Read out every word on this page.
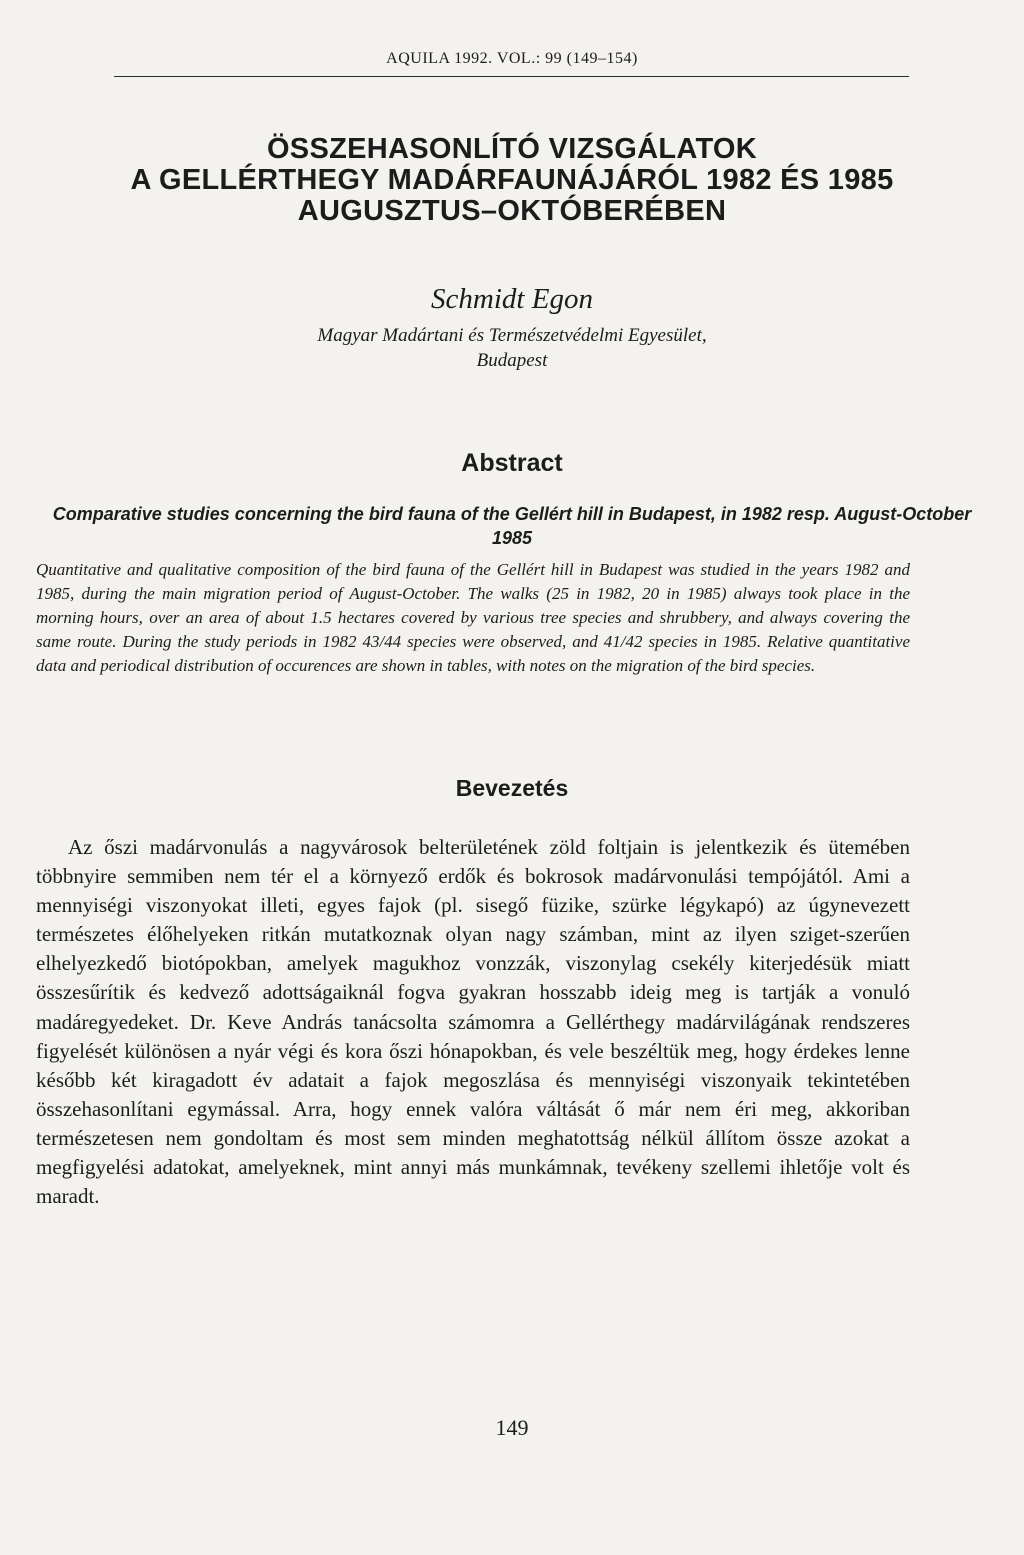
AQUILA 1992. VOL.: 99 (149–154)
ÖSSZEHASONLÍTÓ VIZSGÁLATOK
A GELLÉRTHEGY MADÁRFAUNÁJÁRÓL 1982 ÉS 1985
AUGUSZTUS–OKTÓBERÉBEN
Schmidt Egon
Magyar Madártani és Természetvédelmi Egyesület,
Budapest
Abstract
Comparative studies concerning the bird fauna of the Gellért hill in Budapest, in 1982 resp. August-October 1985
Quantitative and qualitative composition of the bird fauna of the Gellért hill in Budapest was studied in the years 1982 and 1985, during the main migration period of August-October. The walks (25 in 1982, 20 in 1985) always took place in the morning hours, over an area of about 1.5 hectares covered by various tree species and shrubbery, and always covering the same route. During the study periods in 1982 43/44 species were observed, and 41/42 species in 1985. Relative quantitative data and periodical distribution of occurences are shown in tables, with notes on the migration of the bird species.
Bevezetés
Az őszi madárvonulás a nagyvárosok belterületének zöld foltjain is jelentkezik és ütemében többnyire semmiben nem tér el a környező erdők és bokrosok madárvonulási tempójától. Ami a mennyiségi viszonyokat illeti, egyes fajok (pl. sisegő füzike, szürke légykapó) az úgynevezett természetes élőhelyeken ritkán mutatkoznak olyan nagy számban, mint az ilyen sziget-szerűen elhelyezkedő biotópokban, amelyek magukhoz vonzzák, viszonylag csekély kiterjedésük miatt összesűrítik és kedvező adottságaiknál fogva gyakran hosszabb ideig meg is tartják a vonuló madáregyedeket. Dr. Keve András tanácsolta számomra a Gellérthegy madárvilágának rendszeres figyelését különösen a nyár végi és kora őszi hónapokban, és vele beszéltük meg, hogy érdekes lenne később két kiragadott év adatait a fajok megoszlása és mennyiségi viszonyaik tekintetében összehasonlítani egymással. Arra, hogy ennek valóra váltását ő már nem éri meg, akkoriban természetesen nem gondoltam és most sem minden meghatottság nélkül állítom össze azokat a megfigyelési adatokat, amelyeknek, mint annyi más munkámnak, tevékeny szellemi ihletője volt és maradt.
149
